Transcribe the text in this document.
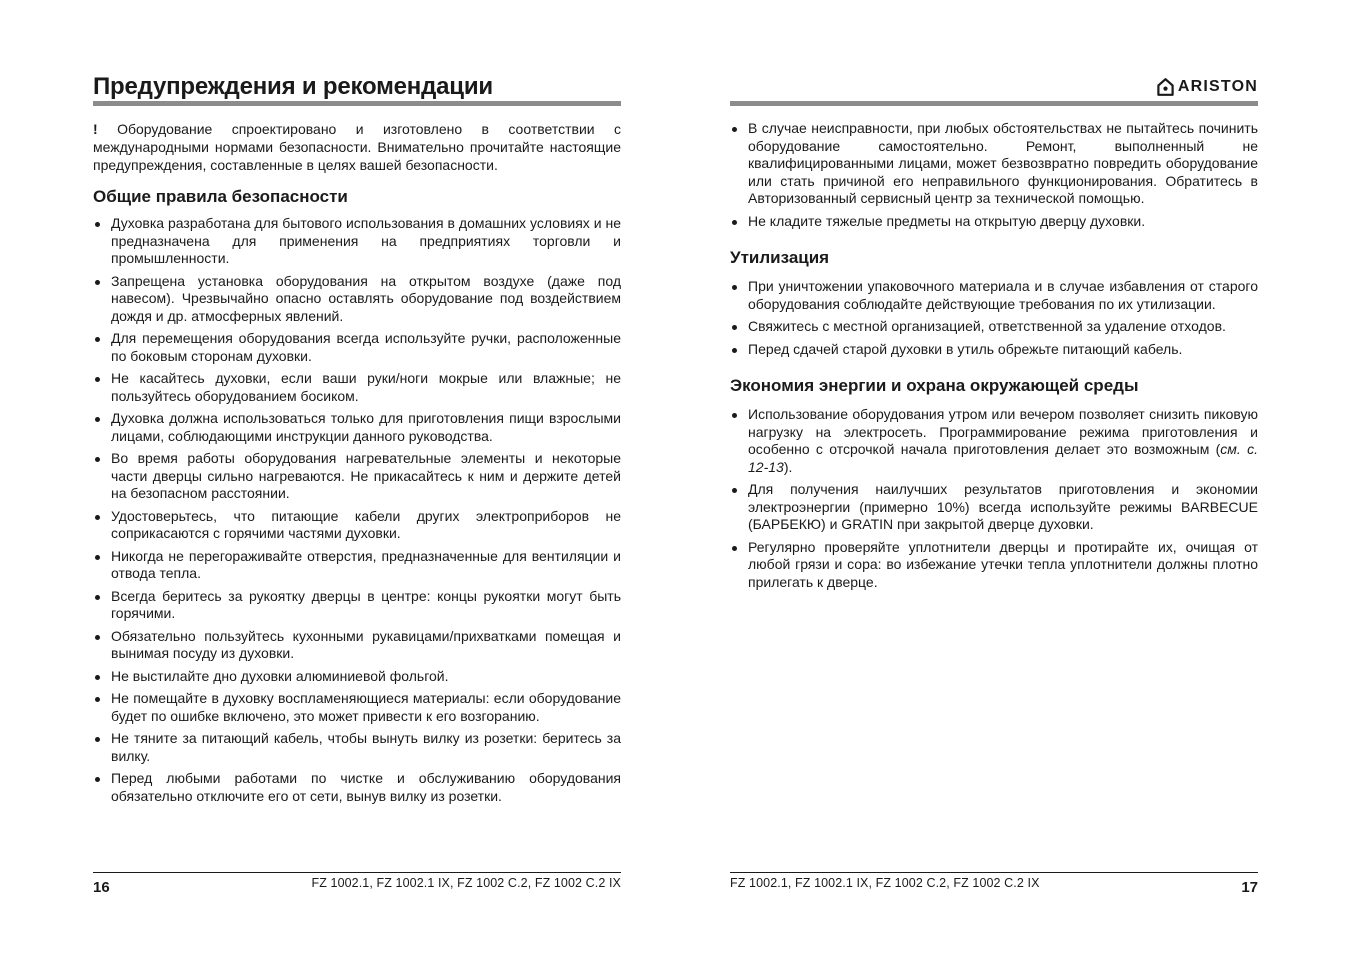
Предупреждения и рекомендации

! Оборудование спроектировано и изготовлено в соответствии с международными нормами безопасности. Внимательно прочитайте настоящие предупреждения, составленные в целях вашей безопасности.

Общие правила безопасности
Духовка разработана для бытового использования в домашних условиях и не предназначена для применения на предприятиях торговли и промышленности.
Запрещена установка оборудования на открытом воздухе (даже под навесом). Чрезвычайно опасно оставлять оборудование под воздействием дождя и др. атмосферных явлений.
Для перемещения оборудования всегда используйте ручки, расположенные по боковым сторонам духовки.
Не касайтесь духовки, если ваши руки/ноги мокрые или влажные; не пользуйтесь оборудованием босиком.
Духовка должна использоваться только для приготовления пищи взрослыми лицами, соблюдающими инструкции данного руководства.
Во время работы оборудования нагревательные элементы и некоторые части дверцы сильно нагреваются. Не прикасайтесь к ним и держите детей на безопасном расстоянии.
Удостоверьтесь, что питающие кабели других электроприборов не соприкасаются с горячими частями духовки.
Никогда не перегораживайте отверстия, предназначенные для вентиляции и отвода тепла.
Всегда беритесь за рукоятку дверцы в центре: концы рукоятки могут быть горячими.
Обязательно пользуйтесь кухонными рукавицами/прихватками помещая и вынимая посуду из духовки.
Не выстилайте дно духовки алюминиевой фольгой.
Не помещайте в духовку воспламеняющиеся материалы: если оборудование будет по ошибке включено, это может привести к его возгоранию.
Не тяните за питающий кабель, чтобы вынуть вилку из розетки: беритесь за вилку.
Перед любыми работами по чистке и обслуживанию оборудования обязательно отключите его от сети, вынув вилку из розетки.
16	FZ 1002.1, FZ 1002.1 IX, FZ 1002 C.2, FZ 1002 C.2 IX
ARISTON
В случае неисправности, при любых обстоятельствах не пытайтесь починить оборудование самостоятельно. Ремонт, выполненный не квалифицированными лицами, может безвозвратно повредить оборудование или стать причиной его неправильного функционирования. Обратитесь в Авторизованный сервисный центр за технической помощью.
Не кладите тяжелые предметы на открытую дверцу духовки.
Утилизация
При уничтожении упаковочного материала и в случае избавления от старого оборудования соблюдайте действующие требования по их утилизации.
Свяжитесь с местной организацией, ответственной за удаление отходов.
Перед сдачей старой духовки в утиль обрежьте питающий кабель.
Экономия энергии и охрана окружающей среды
Использование оборудования утром или вечером позволяет снизить пиковую нагрузку на электросеть. Программирование режима приготовления и особенно с отсрочкой начала приготовления делает это возможным (см. с. 12-13).
Для получения наилучших результатов приготовления и экономии электроэнергии (примерно 10%) всегда используйте режимы BARBECUE (БАРБЕКЮ) и GRATIN при закрытой дверце духовки.
Регулярно проверяйте уплотнители дверцы и протирайте их, очищая от любой грязи и сора: во избежание утечки тепла уплотнители должны плотно прилегать к дверце.
FZ 1002.1, FZ 1002.1 IX, FZ 1002 C.2, FZ 1002 C.2 IX	17
